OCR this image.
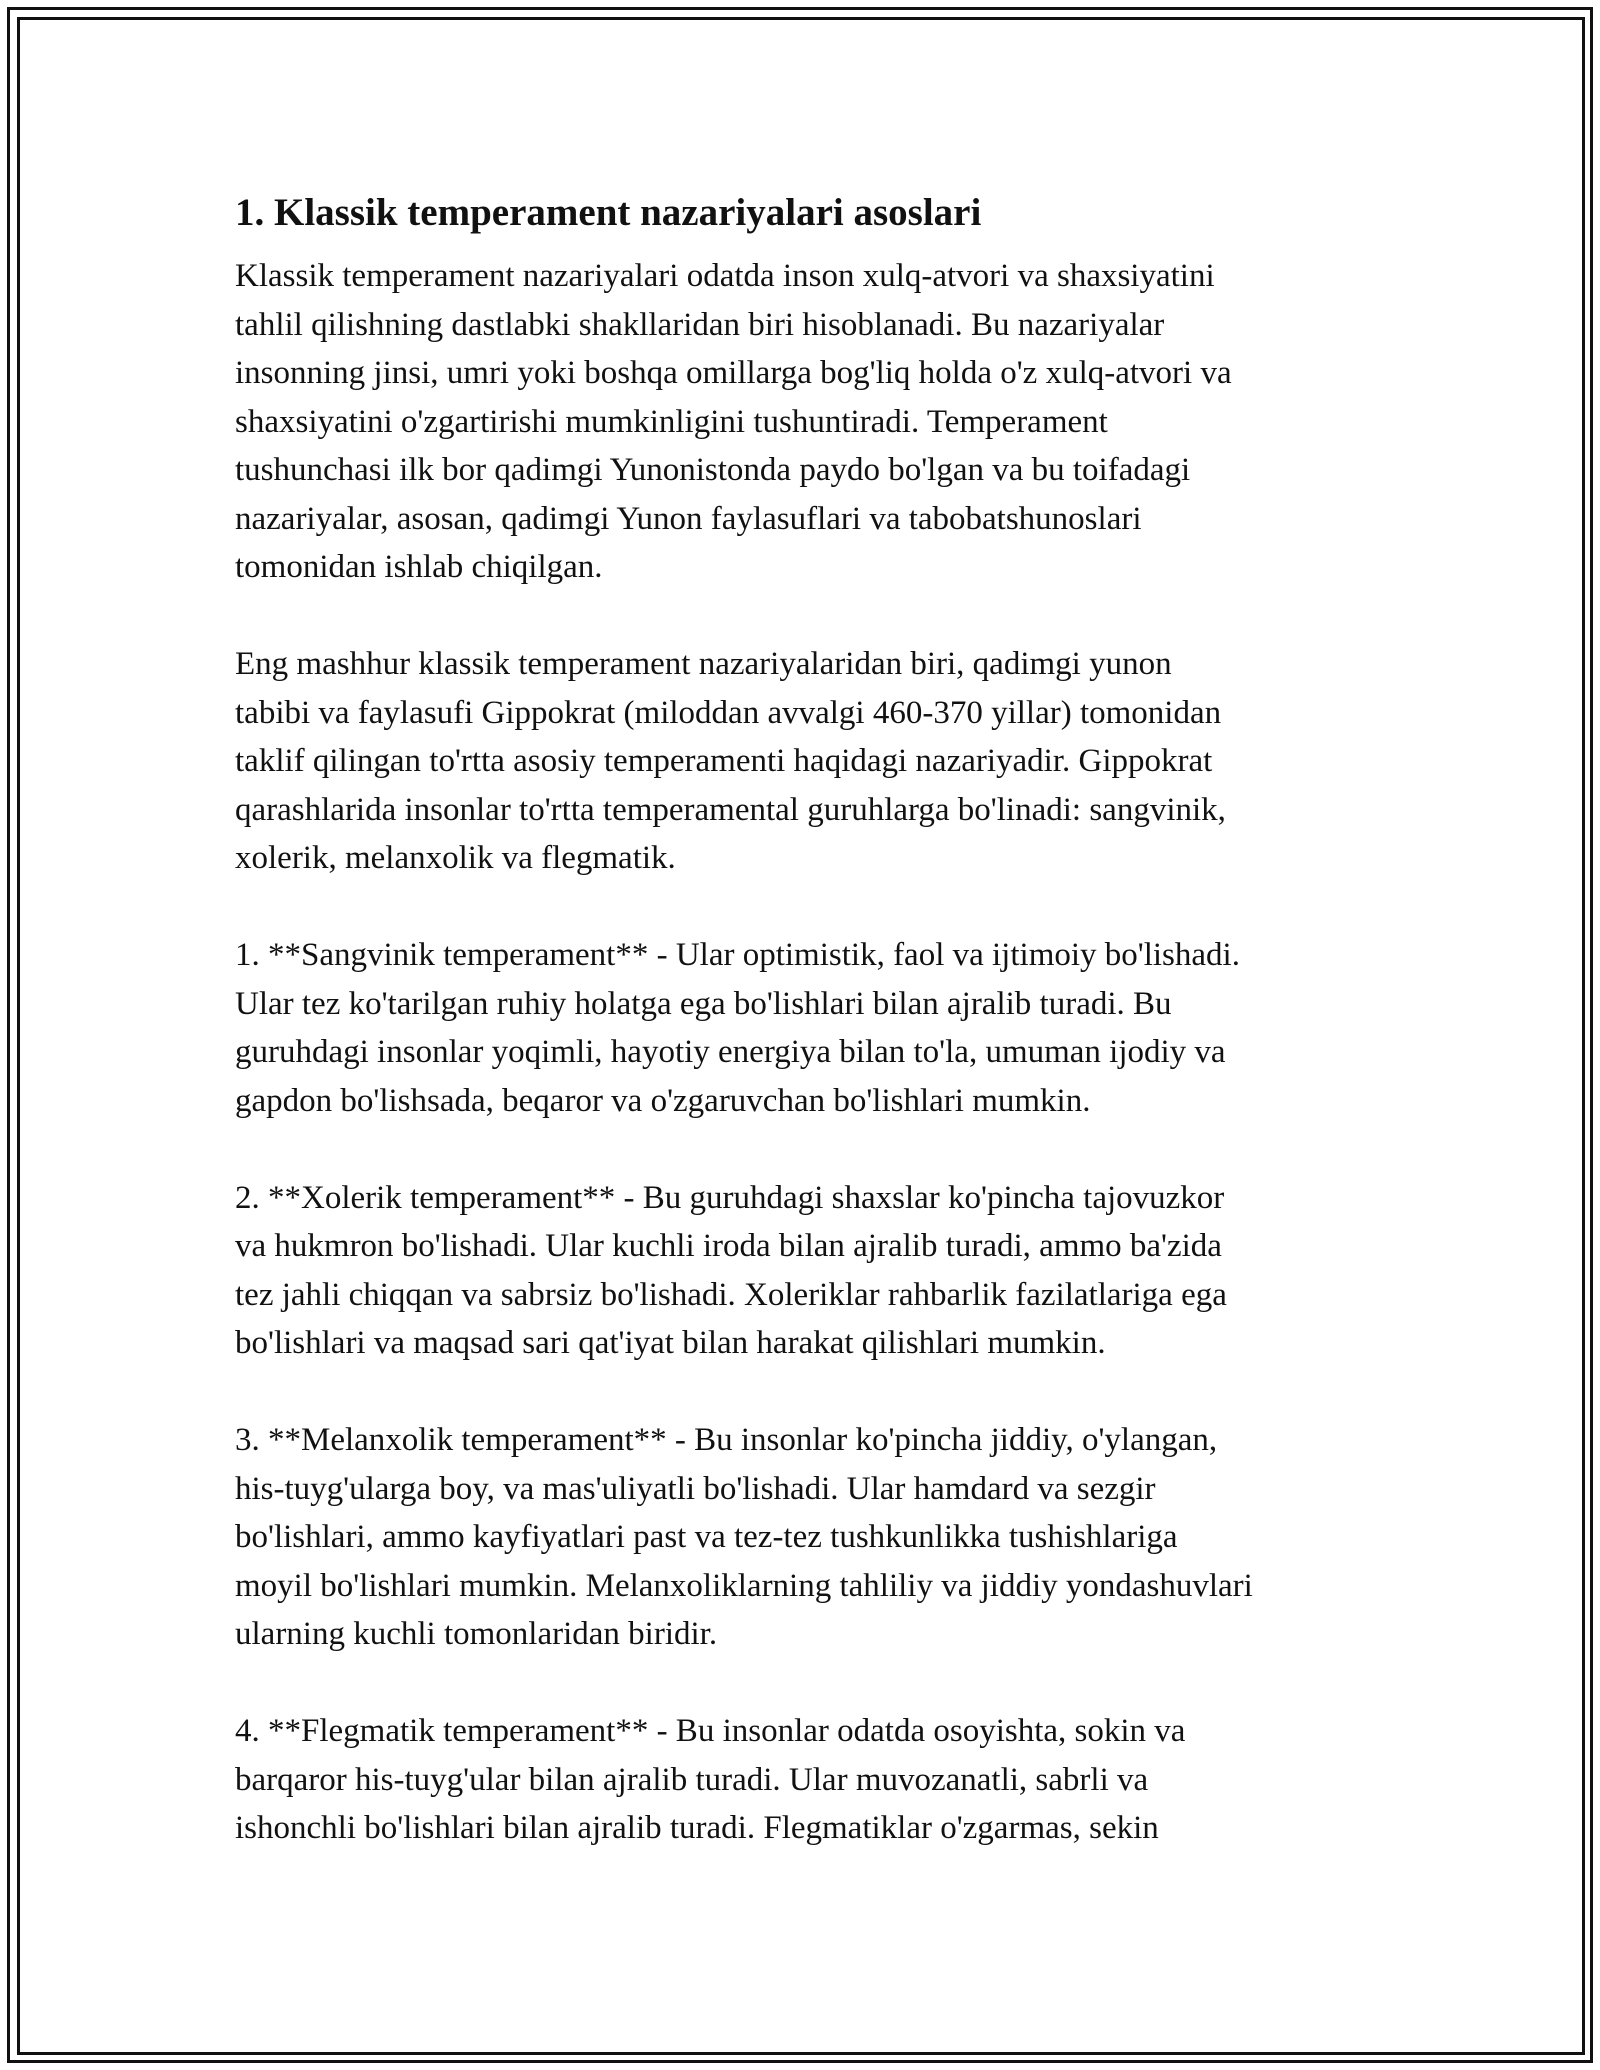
1. Klassik temperament nazariyalari asoslari

Klassik temperament nazariyalari odatda inson xulq-atvori va shaxsiyatini
tahlil qilishning dastlabki shakllaridan biri hisoblanadi. Bu nazariyalar
insonning jinsi, umri yoki boshqa omillarga bog'liq holda o'z xulq-atvori va
shaxsiyatini o'zgartirishi mumkinligini tushuntiradi. Temperament
tushunchasi ilk bor qadimgi Yunonistonda paydo bo'lgan va bu toifadagi
nazariyalar, asosan, qadimgi Yunon faylasuflari va tabobatshunoslari
tomonidan ishlab chiqilgan.

Eng mashhur klassik temperament nazariyalaridan biri, qadimgi yunon
tabibi va faylasufi Gippokrat (miloddan avvalgi 460-370 yillar) tomonidan
taklif qilingan to'rtta asosiy temperamenti haqidagi nazariyadir. Gippokrat
qarashlarida insonlar to'rtta temperamental guruhlarga bo'linadi: sangvinik,
xolerik, melanxolik va flegmatik.

1. **Sangvinik temperament** - Ular optimistik, faol va ijtimoiy bo'lishadi.
Ular tez ko'tarilgan ruhiy holatga ega bo'lishlari bilan ajralib turadi. Bu
guruhdagi insonlar yoqimli, hayotiy energiya bilan to'la, umuman ijodiy va
gapdon bo'lishsada, beqaror va o'zgaruvchan bo'lishlari mumkin.

2. **Xolerik temperament** - Bu guruhdagi shaxslar ko'pincha tajovuzkor
va hukmron bo'lishadi. Ular kuchli iroda bilan ajralib turadi, ammo ba'zida
tez jahli chiqqan va sabrsiz bo'lishadi. Xoleriklar rahbarlik fazilatlariga ega
bo'lishlari va maqsad sari qat'iyat bilan harakat qilishlari mumkin.

3. **Melanxolik temperament** - Bu insonlar ko'pincha jiddiy, o'ylangan,
his-tuyg'ularga boy, va mas'uliyatli bo'lishadi. Ular hamdard va sezgir
bo'lishlari, ammo kayfiyatlari past va tez-tez tushkunlikka tushishlariga
moyil bo'lishlari mumkin. Melanxoliklarning tahliliy va jiddiy yondashuvlari
ularning kuchli tomonlaridan biridir.

4. **Flegmatik temperament** - Bu insonlar odatda osoyishta, sokin va
barqaror his-tuyg'ular bilan ajralib turadi. Ular muvozanatli, sabrli va
ishonchli bo'lishlari bilan ajralib turadi. Flegmatiklar o'zgarmas, sekin
